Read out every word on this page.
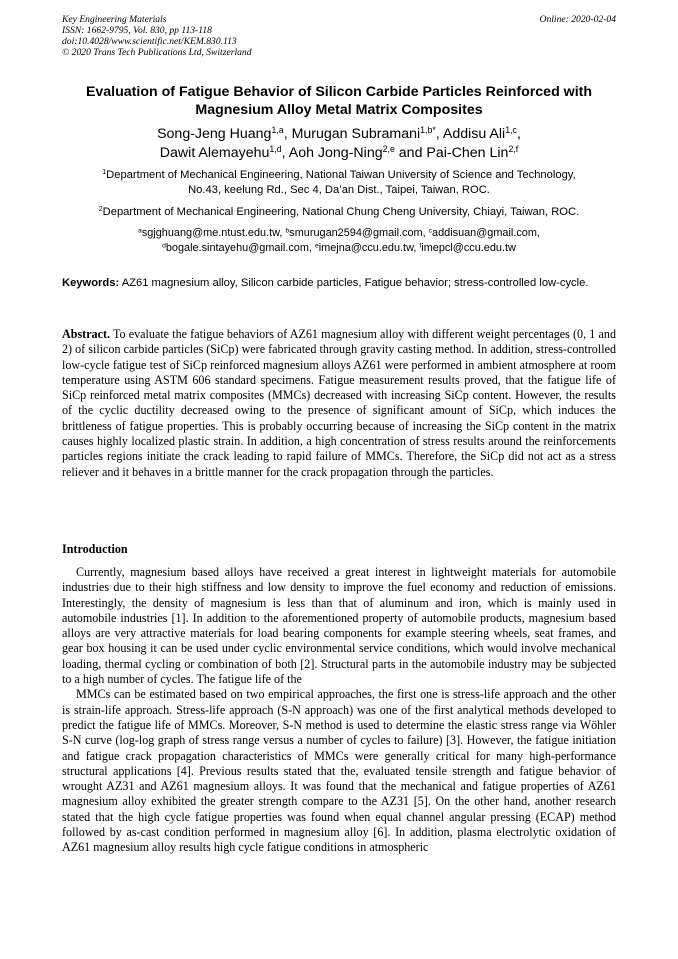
Key Engineering Materials
ISSN: 1662-9795, Vol. 830, pp 113-118
doi:10.4028/www.scientific.net/KEM.830.113
© 2020 Trans Tech Publications Ltd, Switzerland
Online: 2020-02-04
Evaluation of Fatigue Behavior of Silicon Carbide Particles Reinforced with Magnesium Alloy Metal Matrix Composites
Song-Jeng Huang$^{1,a}$, Murugan Subramani$^{1,b*}$, Addisu Ali$^{1,c}$,
Dawit Alemayehu$^{1,d}$, Aoh Jong-Ning$^{2,e}$ and Pai-Chen Lin$^{2,f}$
$^1$Department of Mechanical Engineering, National Taiwan University of Science and Technology,
No.43, keelung Rd., Sec 4, Da’an Dist., Taipei, Taiwan, ROC.
$^2$Department of Mechanical Engineering, National Chung Cheng University, Chiayi, Taiwan, ROC.
$^a$sgjghuang@me.ntust.edu.tw, $^b$smurugan2594@gmail.com, $^c$addisuan@gmail.com,
$^d$bogale.sintayehu@gmail.com, $^e$imejna@ccu.edu.tw, $^f$imepcl@ccu.edu.tw
Keywords: AZ61 magnesium alloy, Silicon carbide particles, Fatigue behavior; stress-controlled low-cycle.
Abstract. To evaluate the fatigue behaviors of AZ61 magnesium alloy with different weight percentages (0, 1 and 2) of silicon carbide particles (SiCp) were fabricated through gravity casting method. In addition, stress-controlled low-cycle fatigue test of SiCp reinforced magnesium alloys AZ61 were performed in ambient atmosphere at room temperature using ASTM 606 standard specimens. Fatigue measurement results proved, that the fatigue life of SiCp reinforced metal matrix composites (MMCs) decreased with increasing SiCp content. However, the results of the cyclic ductility decreased owing to the presence of significant amount of SiCp, which induces the brittleness of fatigue properties. This is probably occurring because of increasing the SiCp content in the matrix causes highly localized plastic strain. In addition, a high concentration of stress results around the reinforcements particles regions initiate the crack leading to rapid failure of MMCs. Therefore, the SiCp did not act as a stress reliever and it behaves in a brittle manner for the crack propagation through the particles.
Introduction

Currently, magnesium based alloys have received a great interest in lightweight materials for automobile industries due to their high stiffness and low density to improve the fuel economy and reduction of emissions. Interestingly, the density of magnesium is less than that of aluminum and iron, which is mainly used in automobile industries [1]. In addition to the aforementioned property of automobile products, magnesium based alloys are very attractive materials for load bearing components for example steering wheels, seat frames, and gear box housing it can be used under cyclic environmental service conditions, which would involve mechanical loading, thermal cycling or combination of both [2]. Structural parts in the automobile industry may be subjected to a high number of cycles. The fatigue life of the

MMCs can be estimated based on two empirical approaches, the first one is stress-life approach and the other is strain-life approach. Stress-life approach (S-N approach) was one of the first analytical methods developed to predict the fatigue life of MMCs. Moreover, S-N method is used to determine the elastic stress range via Wöhler S-N curve (log-log graph of stress range versus a number of cycles to failure) [3]. However, the fatigue initiation and fatigue crack propagation characteristics of MMCs were generally critical for many high-performance structural applications [4]. Previous results stated that the, evaluated tensile strength and fatigue behavior of wrought AZ31 and AZ61 magnesium alloys. It was found that the mechanical and fatigue properties of AZ61 magnesium alloy exhibited the greater strength compare to the AZ31 [5]. On the other hand, another research stated that the high cycle fatigue properties was found when equal channel angular pressing (ECAP) method followed by as-cast condition performed in magnesium alloy [6]. In addition, plasma electrolytic oxidation of AZ61 magnesium alloy results high cycle fatigue conditions in atmospheric
